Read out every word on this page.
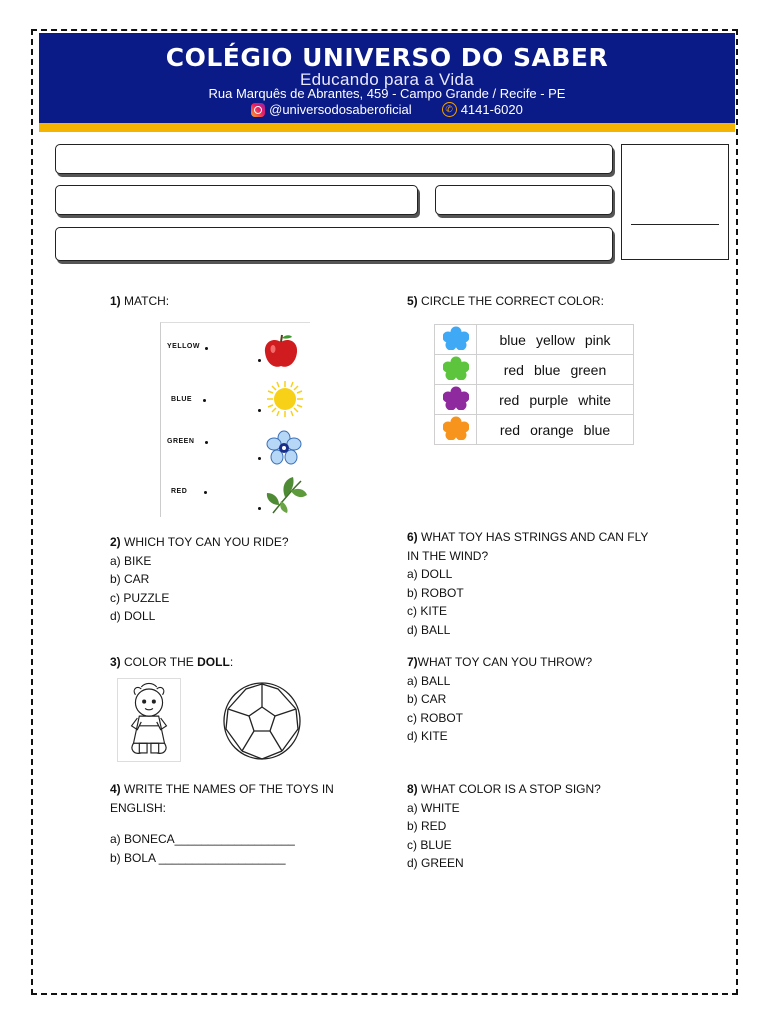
COLÉGIO UNIVERSO DO SABER
Educando para a Vida
Rua Marquês de Abrantes, 459 - Campo Grande / Recife - PE
@universodosaberoficial	✆ 4141-6020
1) MATCH:
YELLOW
BLUE
GREEN
RED
2) WHICH TOY CAN YOU RIDE?
a) BIKE
b) CAR
c) PUZZLE
d) DOLL
3) COLOR THE DOLL:
4) WRITE THE NAMES OF THE TOYS IN
ENGLISH:
a) BONECA__________________
b) BOLA ___________________
5) CIRCLE THE CORRECT COLOR:
	blue yellow pink
	red blue green
	red purple white
	red orange blue
6) WHAT TOY HAS STRINGS AND CAN FLY
IN THE WIND?
a) DOLL
b) ROBOT
c) KITE
d) BALL
7)WHAT TOY CAN YOU THROW?
a) BALL
b) CAR
c) ROBOT
d) KITE
8) WHAT COLOR IS A STOP SIGN?
a) WHITE
b) RED
c) BLUE
d) GREEN
